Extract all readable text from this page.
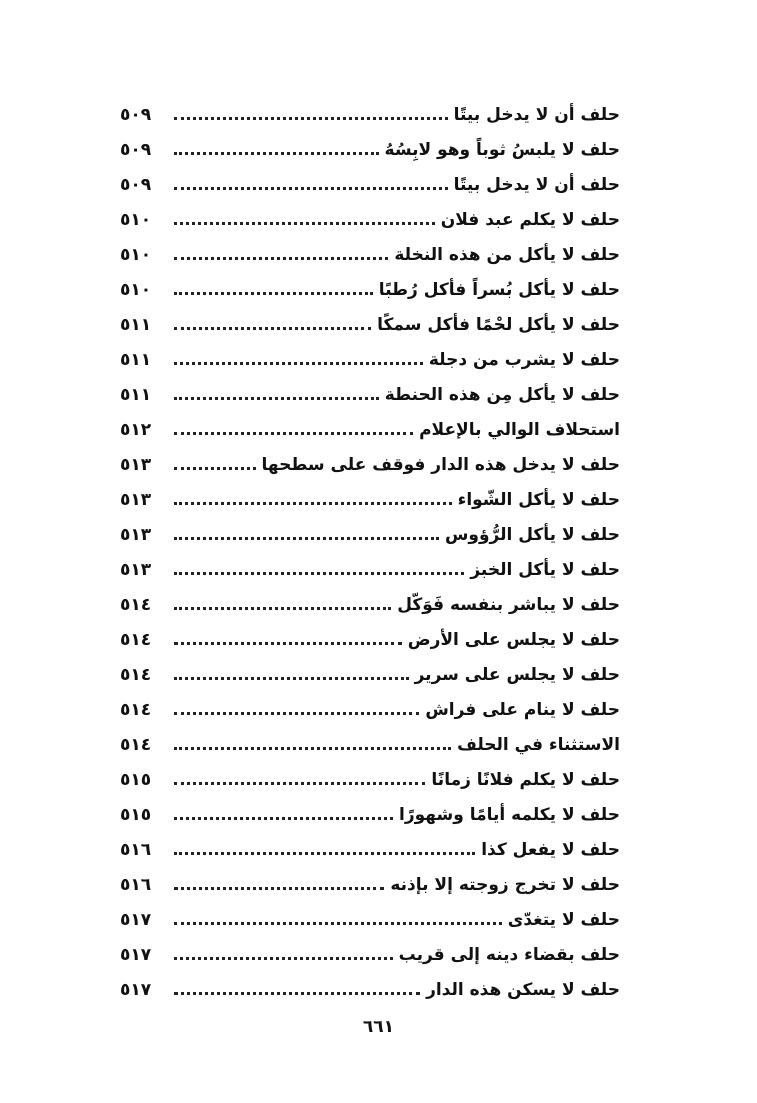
حلف أن لا يدخل بيتًا
٥٠٩
حلف لا يلبسُ ثوباً وهو لابِسُهُ
٥٠٩
حلف أن لا يدخل بيتًا
٥٠٩
حلف لا يكلم عبد فلان
٥١٠
حلف لا يأكل من هذه النخلة
٥١٠
حلف لا يأكل بُسراً فأكل رُطبًا
٥١٠
حلف لا يأكل لحْمًا فأكل سمكًا
٥١١
حلف لا يشرب من دجلة
٥١١
حلف لا يأكل مِن هذه الحنطة
٥١١
استحلاف الوالي بالإعلام
٥١٢
حلف لا يدخل هذه الدار فوقف على سطحها
٥١٣
حلف لا يأكل الشّواء
٥١٣
حلف لا يأكل الرُّؤوس
٥١٣
حلف لا يأكل الخبز
٥١٣
حلف لا يباشر بنفسه فَوَكّل
٥١٤
حلف لا يجلس على الأرض
٥١٤
حلف لا يجلس على سرير
٥١٤
حلف لا ينام على فراش
٥١٤
الاستثناء في الحلف
٥١٤
حلف لا يكلم فلانًا زمانًا
٥١٥
حلف لا يكلمه أيامًا وشهورًا
٥١٥
حلف لا يفعل كذا
٥١٦
حلف لا تخرج زوجته إلا بإذنه
٥١٦
حلف لا يتغدّى
٥١٧
حلف بقضاء دينه إلى قريب
٥١٧
حلف لا يسكن هذه الدار
٥١٧
٦٦١
